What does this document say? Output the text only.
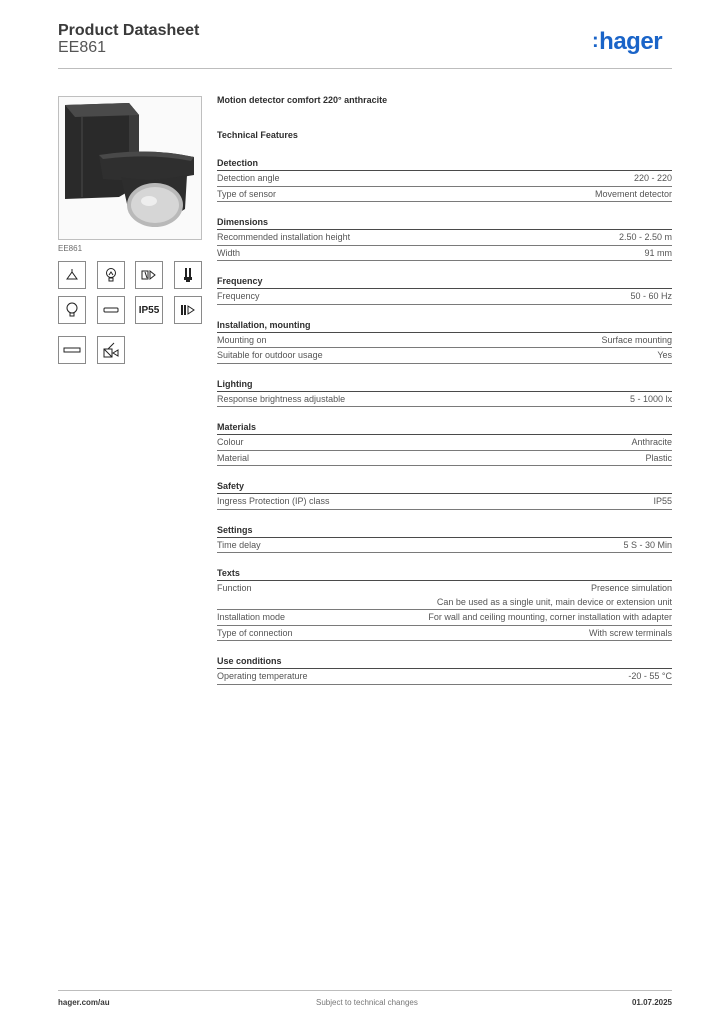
Product Datasheet
EE861	:hager
EE861
IP55
Motion detector comfort 220° anthracite
Technical Features
Detection
Detection angle	220 - 220
Type of sensor	Movement detector
Dimensions
Recommended installation height	2.50 - 2.50 m
Width	91 mm
Frequency
Frequency	50 - 60 Hz
Installation, mounting
Mounting on	Surface mounting
Suitable for outdoor usage	Yes
Lighting
Response brightness adjustable	5 - 1000 lx
Materials
Colour	Anthracite
Material	Plastic
Safety
Ingress Protection (IP) class	IP55
Settings
Time delay	5 S - 30 Min
Texts
Function	Presence simulation
Can be used as a single unit, main device or extension unit
Installation mode	For wall and ceiling mounting, corner installation with adapter
Type of connection	With screw terminals
Use conditions
Operating temperature	-20 - 55 °C
hager.com/au	Subject to technical changes	01.07.2025
